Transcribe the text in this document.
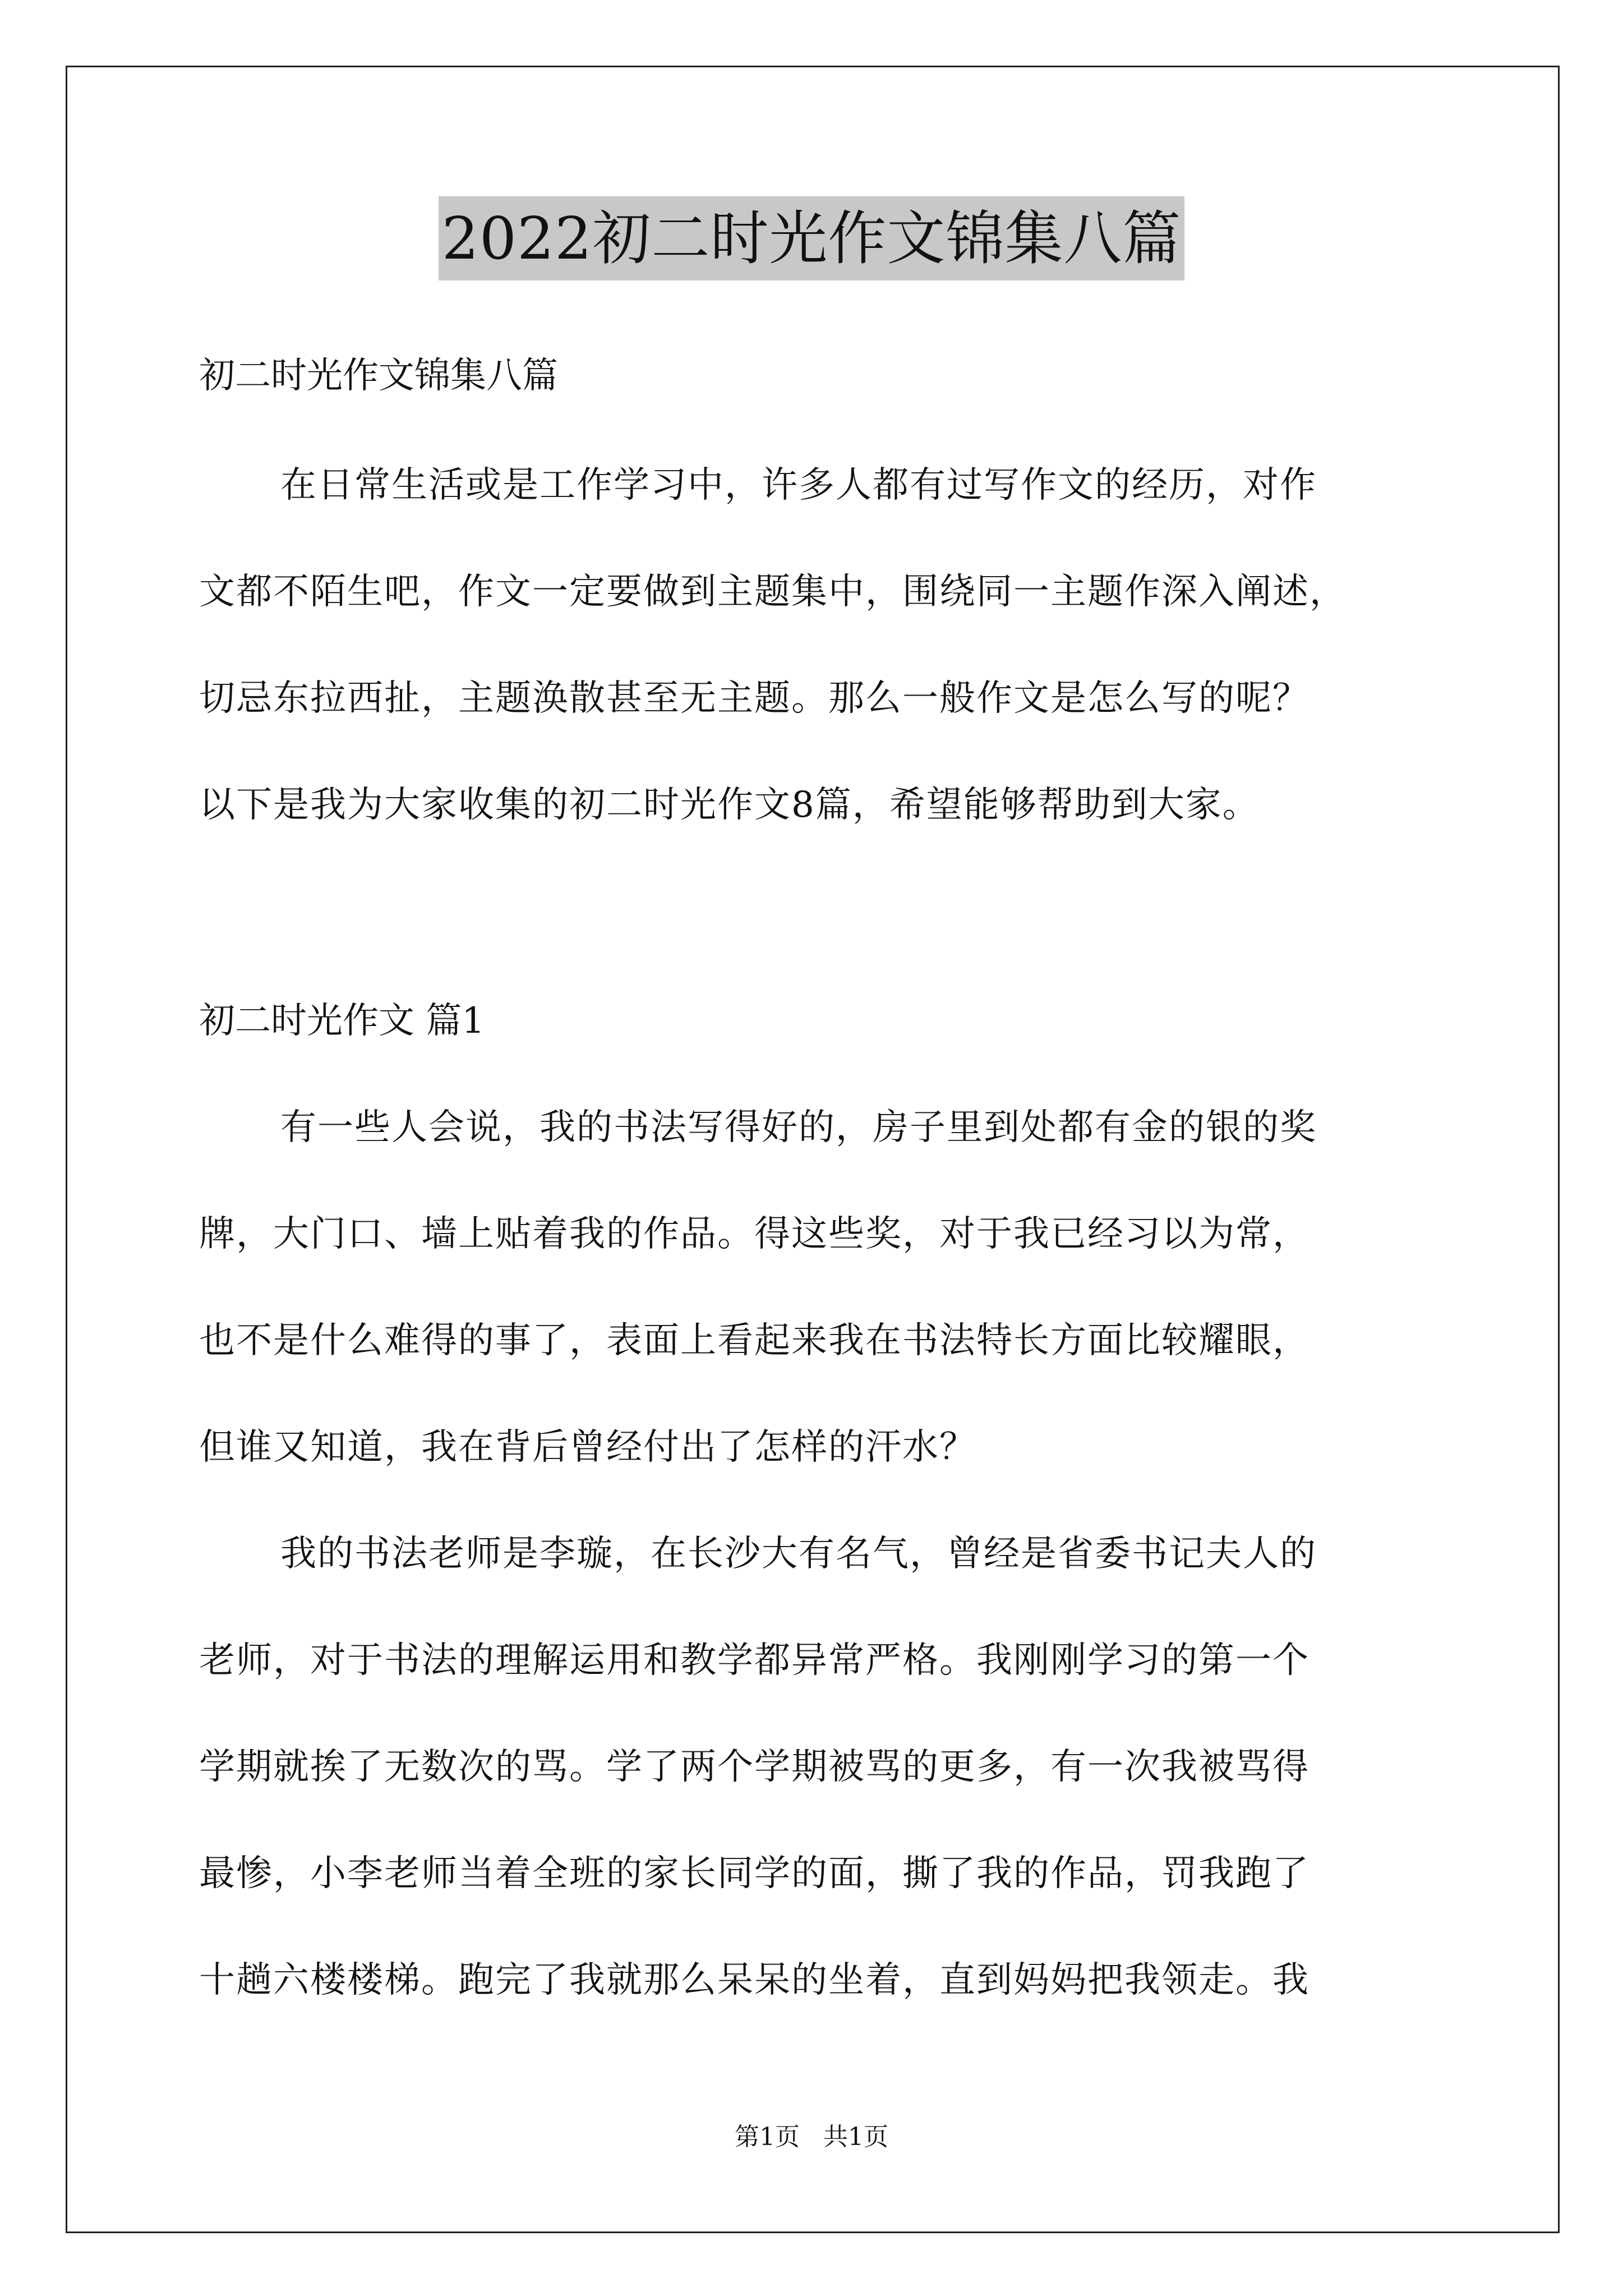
2022初二时光作文锦集八篇
初二时光作文锦集八篇
在日常生活或是工作学习中，许多人都有过写作文的经历，对作
文都不陌生吧，作文一定要做到主题集中，围绕同一主题作深入阐述，
切忌东拉西扯，主题涣散甚至无主题。那么一般作文是怎么写的呢？
以下是我为大家收集的初二时光作文8篇，希望能够帮助到大家。
初二时光作文 篇1
有一些人会说，我的书法写得好的，房子里到处都有金的银的奖
牌，大门口、墙上贴着我的作品。得这些奖，对于我已经习以为常，
也不是什么难得的事了，表面上看起来我在书法特长方面比较耀眼，
但谁又知道，我在背后曾经付出了怎样的汗水？
我的书法老师是李璇，在长沙大有名气，曾经是省委书记夫人的
老师，对于书法的理解运用和教学都异常严格。我刚刚学习的第一个
学期就挨了无数次的骂。学了两个学期被骂的更多，有一次我被骂得
最惨，小李老师当着全班的家长同学的面，撕了我的作品，罚我跑了
十趟六楼楼梯。跑完了我就那么呆呆的坐着，直到妈妈把我领走。我
第1页   共1页
